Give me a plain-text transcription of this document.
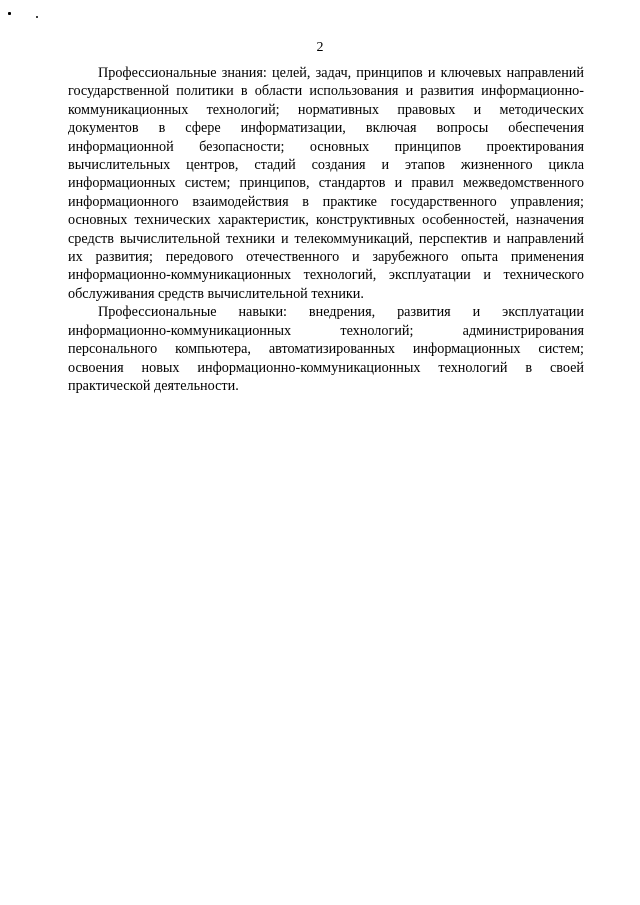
2

Профессиональные знания: целей, задач, принципов и ключевых направлений государственной политики в области использования и развития информационно-коммуникационных технологий; нормативных правовых и методических документов в сфере информатизации, включая вопросы обеспечения информационной безопасности; основных принципов проектирования вычислительных центров, стадий создания и этапов жизненного цикла информационных систем; принципов, стандартов и правил межведомственного информационного взаимодействия в практике государственного управления; основных технических характеристик, конструктивных особенностей, назначения средств вычислительной техники и телекоммуникаций, перспектив и направлений их развития; передового отечественного и зарубежного опыта применения информационно-коммуникационных технологий, эксплуатации и технического обслуживания средств вычислительной техники.

Профессиональные навыки: внедрения, развития и эксплуатации информационно-коммуникационных технологий; администрирования персонального компьютера, автоматизированных информационных систем; освоения новых информационно-коммуникационных технологий в своей практической деятельности.
